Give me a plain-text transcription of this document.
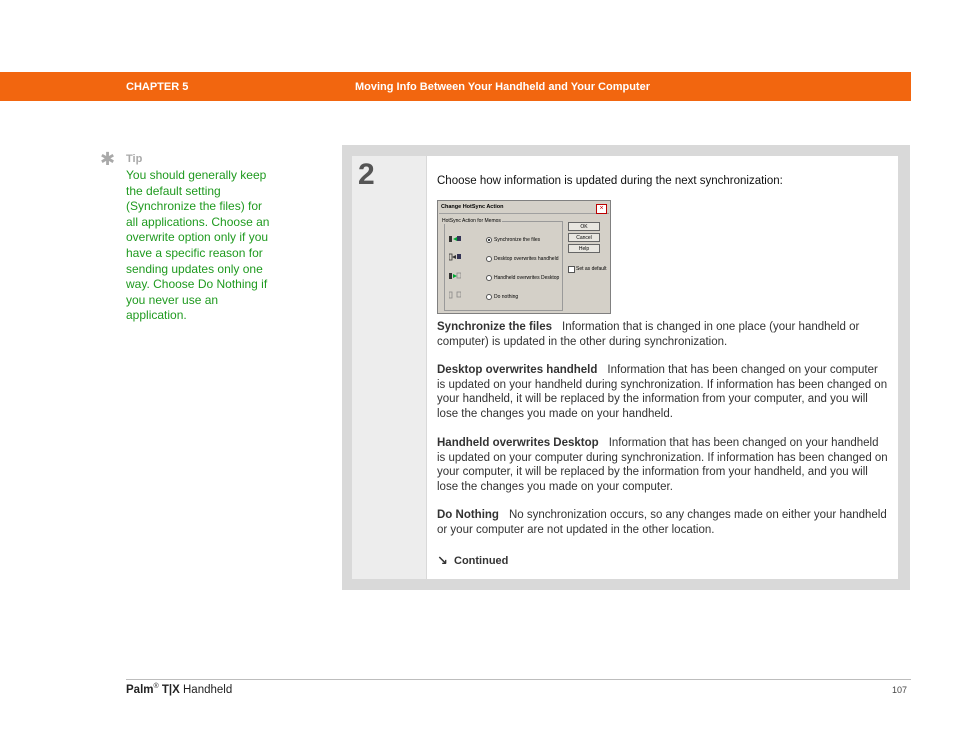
CHAPTER 5	Moving Info Between Your Handheld and Your Computer
✱ Tip
You should generally keep the default setting (Synchronize the files) for all applications. Choose an overwrite option only if you have a specific reason for sending updates only one way. Choose Do Nothing if you never use an application.
2	Choose how information is updated during the next synchronization:
Change HotSync Action	×
HotSync Action for Memos
Synchronize the files
Desktop overwrites handheld
Handheld overwrites Desktop
Do nothing
OK
Cancel
Help
Set as default
Synchronize the files Information that is changed in one place (your handheld or computer) is updated in the other during synchronization.
Desktop overwrites handheld Information that has been changed on your computer is updated on your handheld during synchronization. If information has been changed on your handheld, it will be replaced by the information from your computer, and you will lose the changes you made on your handheld.
Handheld overwrites Desktop Information that has been changed on your handheld is updated on your computer during synchronization. If information has been changed on your computer, it will be replaced by the information from your handheld, and you will lose the changes you made on your computer.
Do Nothing No synchronization occurs, so any changes made on either your handheld or your computer are not updated in the other location.
↘ Continued
Palm® T|X Handheld	107
